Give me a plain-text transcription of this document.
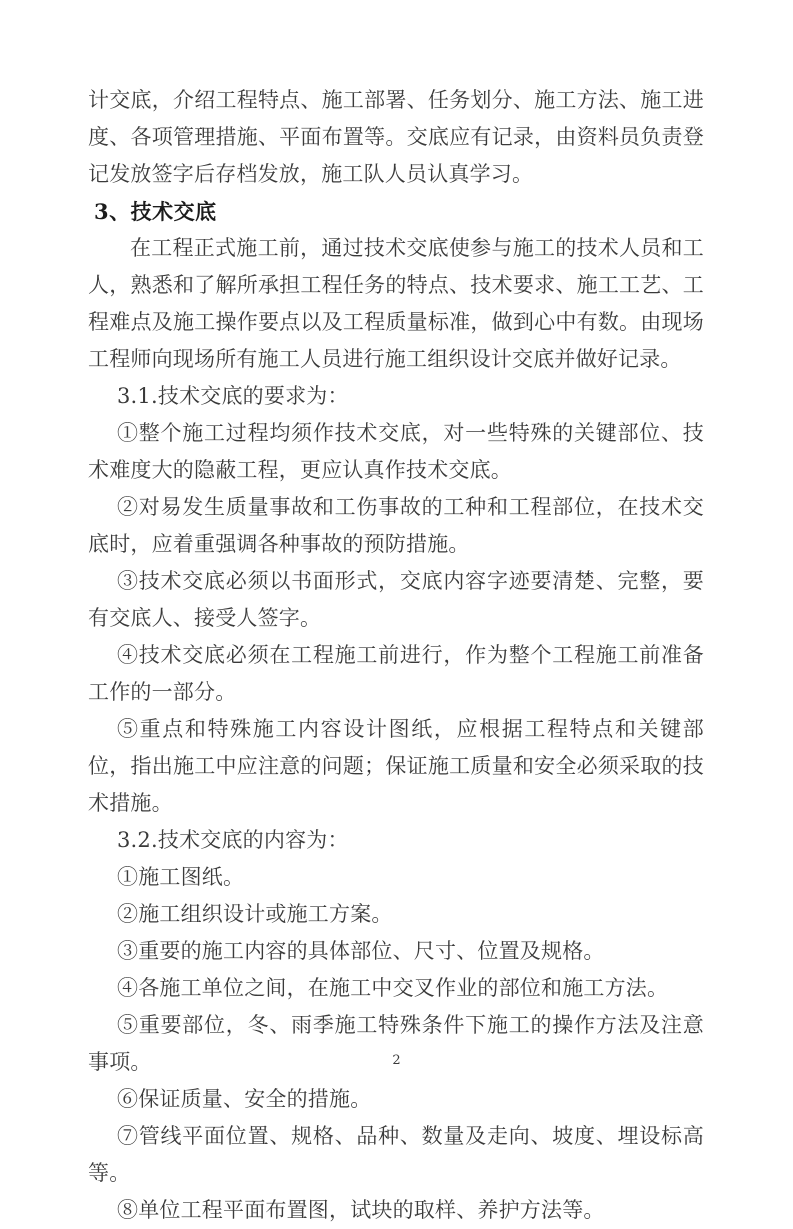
计交底，介绍工程特点、施工部署、任务划分、施工方法、施工进度、各项管理措施、平面布置等。交底应有记录，由资料员负责登记发放签字后存档发放，施工队人员认真学习。

3、技术交底

在工程正式施工前，通过技术交底使参与施工的技术人员和工人，熟悉和了解所承担工程任务的特点、技术要求、施工工艺、工程难点及施工操作要点以及工程质量标准，做到心中有数。由现场工程师向现场所有施工人员进行施工组织设计交底并做好记录。

3.1.技术交底的要求为：

①整个施工过程均须作技术交底，对一些特殊的关键部位、技术难度大的隐蔽工程，更应认真作技术交底。

②对易发生质量事故和工伤事故的工种和工程部位，在技术交底时，应着重强调各种事故的预防措施。

③技术交底必须以书面形式，交底内容字迹要清楚、完整，要有交底人、接受人签字。

④技术交底必须在工程施工前进行，作为整个工程施工前准备工作的一部分。

⑤重点和特殊施工内容设计图纸，应根据工程特点和关键部位，指出施工中应注意的问题；保证施工质量和安全必须采取的技术措施。

3.2.技术交底的内容为：

①施工图纸。

②施工组织设计或施工方案。

③重要的施工内容的具体部位、尺寸、位置及规格。

④各施工单位之间，在施工中交叉作业的部位和施工方法。

⑤重要部位，冬、雨季施工特殊条件下施工的操作方法及注意事项。

⑥保证质量、安全的措施。

⑦管线平面位置、规格、品种、数量及走向、坡度、埋设标高等。

⑧单位工程平面布置图，试块的取样、养护方法等。

2
